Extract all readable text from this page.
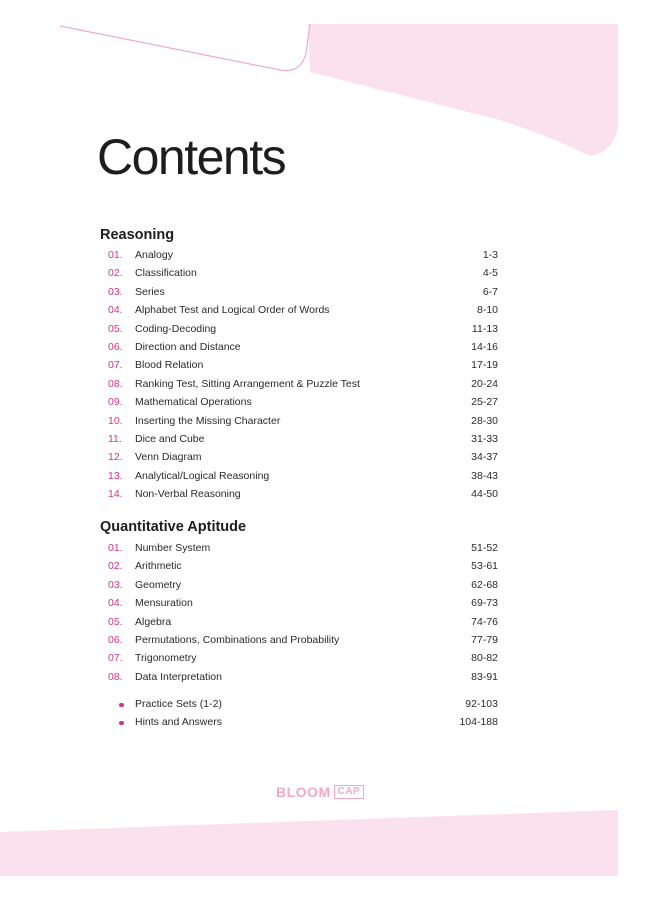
Contents
Reasoning
01. Analogy	1-3
02. Classification	4-5
03. Series	6-7
04. Alphabet Test and Logical Order of Words	8-10
05. Coding-Decoding	11-13
06. Direction and Distance	14-16
07. Blood Relation	17-19
08. Ranking Test, Sitting Arrangement & Puzzle Test	20-24
09. Mathematical Operations	25-27
10. Inserting the Missing Character	28-30
11. Dice and Cube	31-33
12. Venn Diagram	34-37
13. Analytical/Logical Reasoning	38-43
14. Non-Verbal Reasoning	44-50
Quantitative Aptitude
01. Number System	51-52
02. Arithmetic	53-61
03. Geometry	62-68
04. Mensuration	69-73
05. Algebra	74-76
06. Permutations, Combinations and Probability	77-79
07. Trigonometry	80-82
08. Data Interpretation	83-91
Practice Sets (1-2)	92-103
Hints and Answers	104-188
BLOOM CAP
